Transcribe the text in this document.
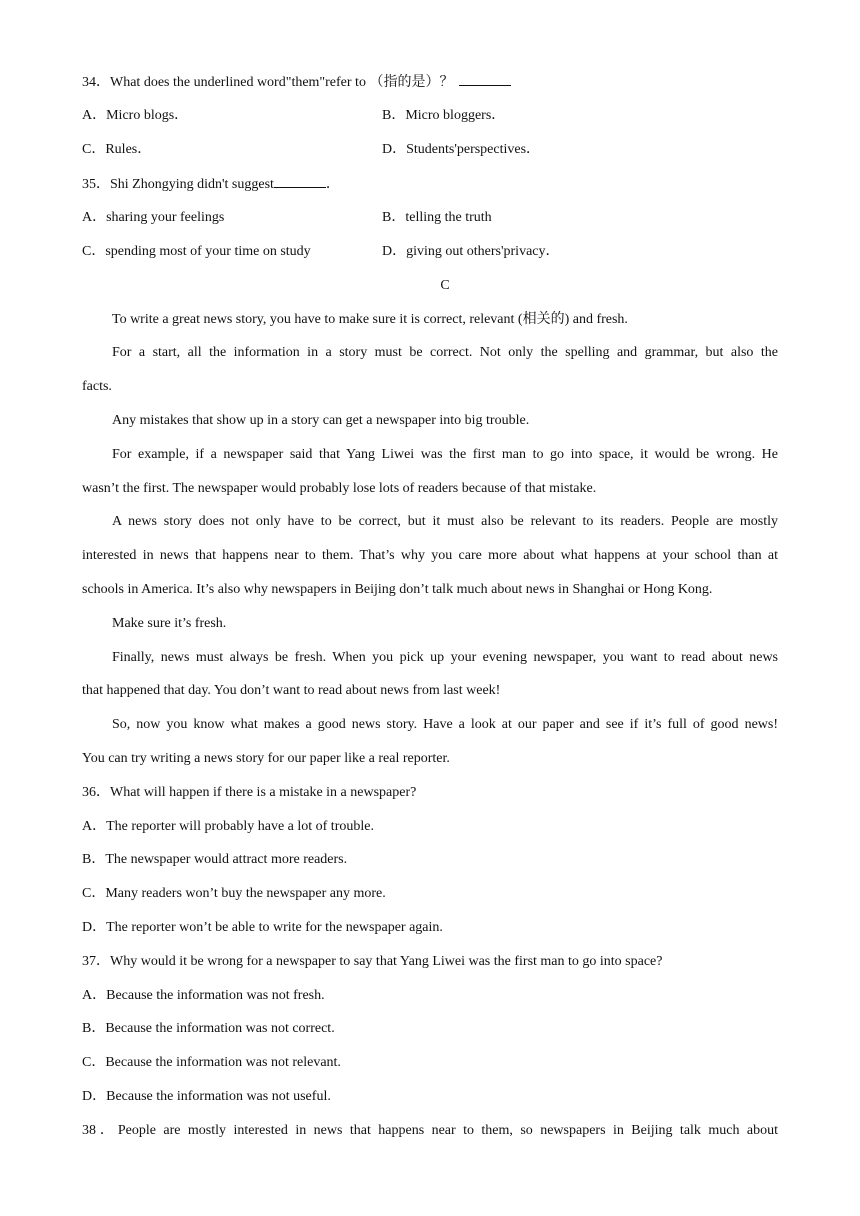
34．What does the underlined word"them"refer to （指的是）？
A．Micro blogs．	B．Micro bloggers．
C．Rules．	D．Students'perspectives．
35．Shi Zhongying didn't suggest	．
A．sharing your feelings	B．telling the truth
C．spending most of your time on study	D．giving out others'privacy．
C
To write a great news story, you have to make sure it is correct, relevant (相关的) and fresh.
For a start, all the information in a story must be correct. Not only the spelling and grammar, but also the
facts.
Any mistakes that show up in a story can get a newspaper into big trouble.
For example, if a newspaper said that Yang Liwei was the first man to go into space, it would be wrong. He
wasn’t the first. The newspaper would probably lose lots of readers because of that mistake.
A news story does not only have to be correct, but it must also be relevant to its readers. People are mostly
interested in news that happens near to them. That’s why you care more about what happens at your school than at
schools in America. It’s also why newspapers in Beijing don’t talk much about news in Shanghai or Hong Kong.
Make sure it’s fresh.
Finally, news must always be fresh. When you pick up your evening newspaper, you want to read about news
that happened that day. You don’t want to read about news from last week!
So, now you know what makes a good news story. Have a look at our paper and see if it’s full of good news!
You can try writing a news story for our paper like a real reporter.
36．What will happen if there is a mistake in a newspaper?
A．The reporter will probably have a lot of trouble.
B．The newspaper would attract more readers.
C．Many readers won’t buy the newspaper any more.
D．The reporter won’t be able to write for the newspaper again.
37．Why would it be wrong for a newspaper to say that Yang Liwei was the first man to go into space?
A．Because the information was not fresh.
B．Because the information was not correct.
C．Because the information was not relevant.
D．Because the information was not useful.
38．People are mostly interested in news that happens near to them, so newspapers in Beijing talk much about
